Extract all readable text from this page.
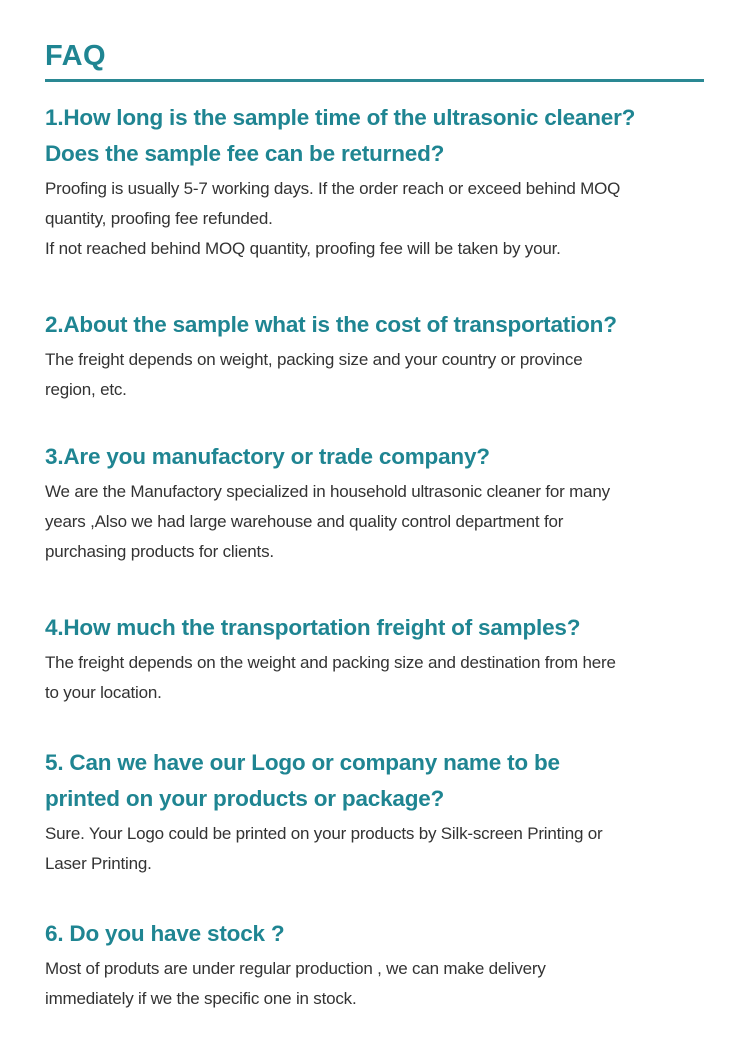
FAQ
1.How long is the sample time of the ultrasonic cleaner?
Does the sample fee can be returned?

Proofing is usually 5-7 working days. If the order reach or exceed behind MOQ
quantity, proofing fee refunded.
If not reached behind MOQ quantity, proofing fee will be taken by your.

2.About the sample what is the cost of transportation?

The freight depends on weight, packing size and your country or province
region, etc.

3.Are you manufactory or trade company?

We are the Manufactory specialized in household ultrasonic cleaner for many
years ,Also we had large warehouse and quality control department for
purchasing products for clients.

4.How much the transportation freight of samples?

The freight depends on the weight and packing size and destination from here
to your location.

5. Can we have our Logo or company name to be
printed on your products or package?

Sure. Your Logo could be printed on your products by Silk-screen Printing or
Laser Printing.

6. Do you have stock ?

Most of produts are under regular production , we can make delivery
immediately if we the specific one in stock.
